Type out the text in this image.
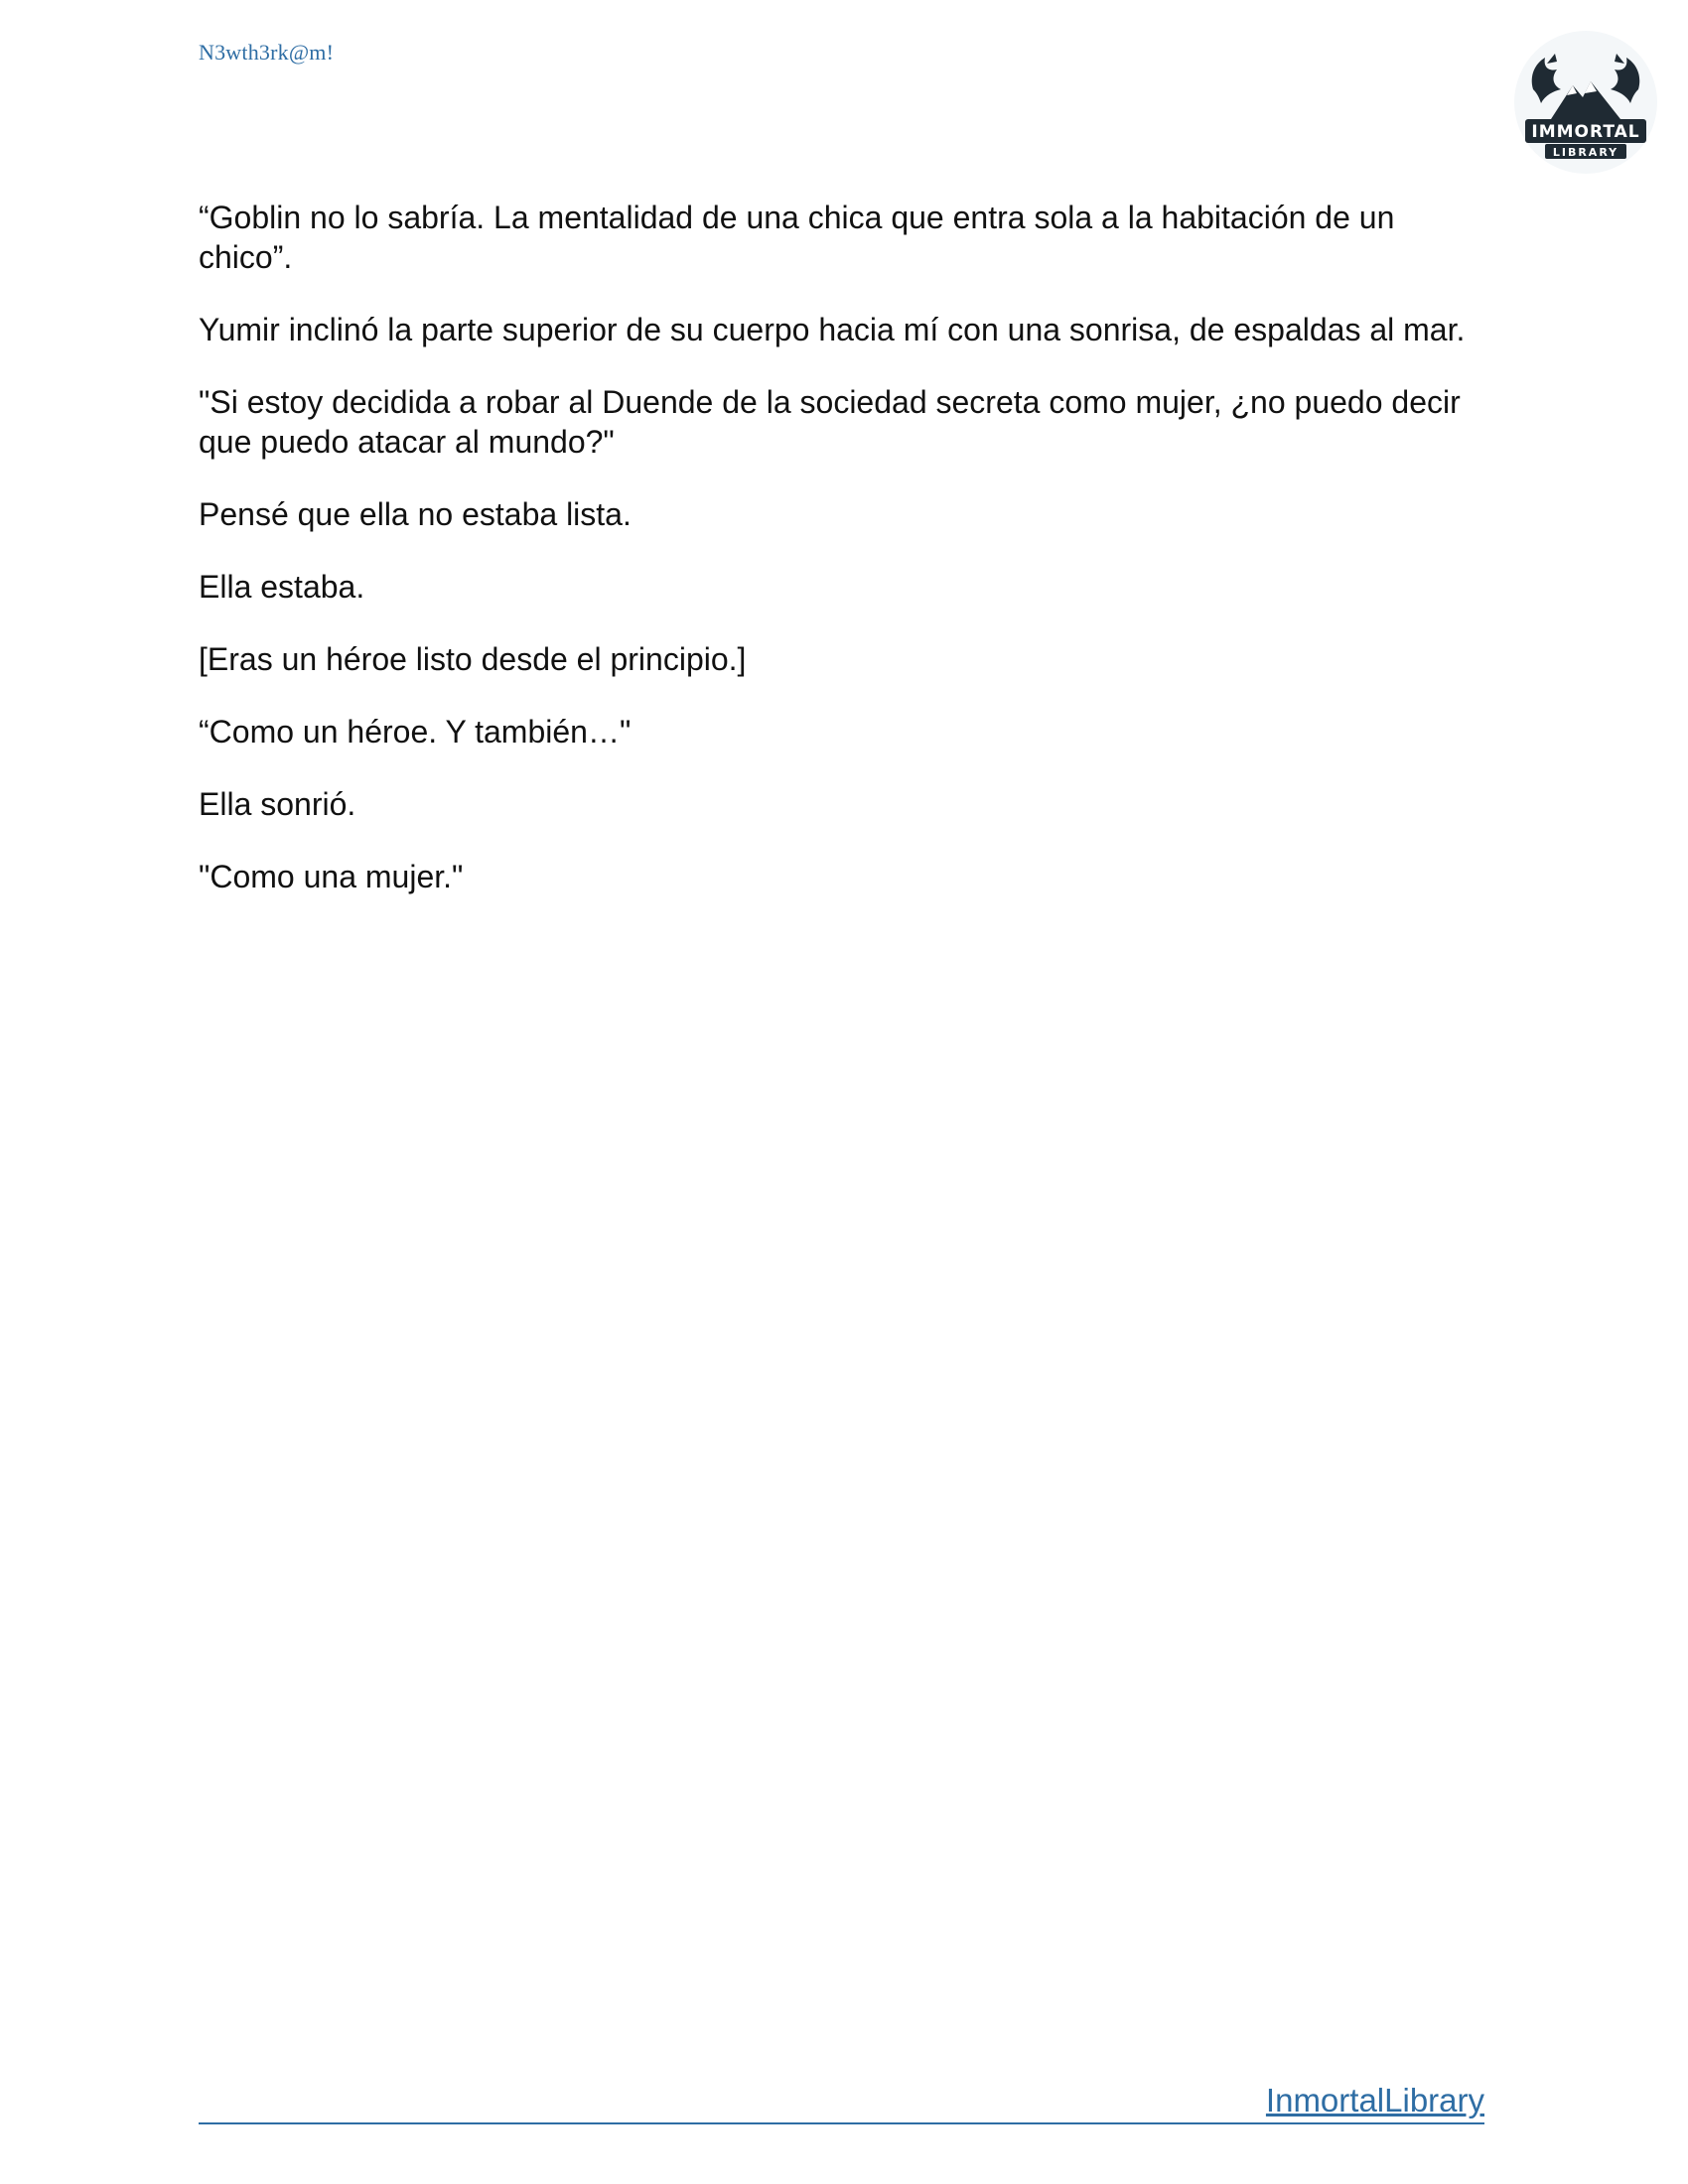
N3wth3rk@m!
IMMORTAL
LIBRARY

“Goblin no lo sabría. La mentalidad de una chica que entra sola a la habitación de un chico”.

Yumir inclinó la parte superior de su cuerpo hacia mí con una sonrisa, de espaldas al mar.

"Si estoy decidida a robar al Duende de la sociedad secreta como mujer, ¿no puedo decir que puedo atacar al mundo?"

Pensé que ella no estaba lista.

Ella estaba.

[Eras un héroe listo desde el principio.]

“Como un héroe. Y también…"

Ella sonrió.

"Como una mujer."

InmortalLibrary
